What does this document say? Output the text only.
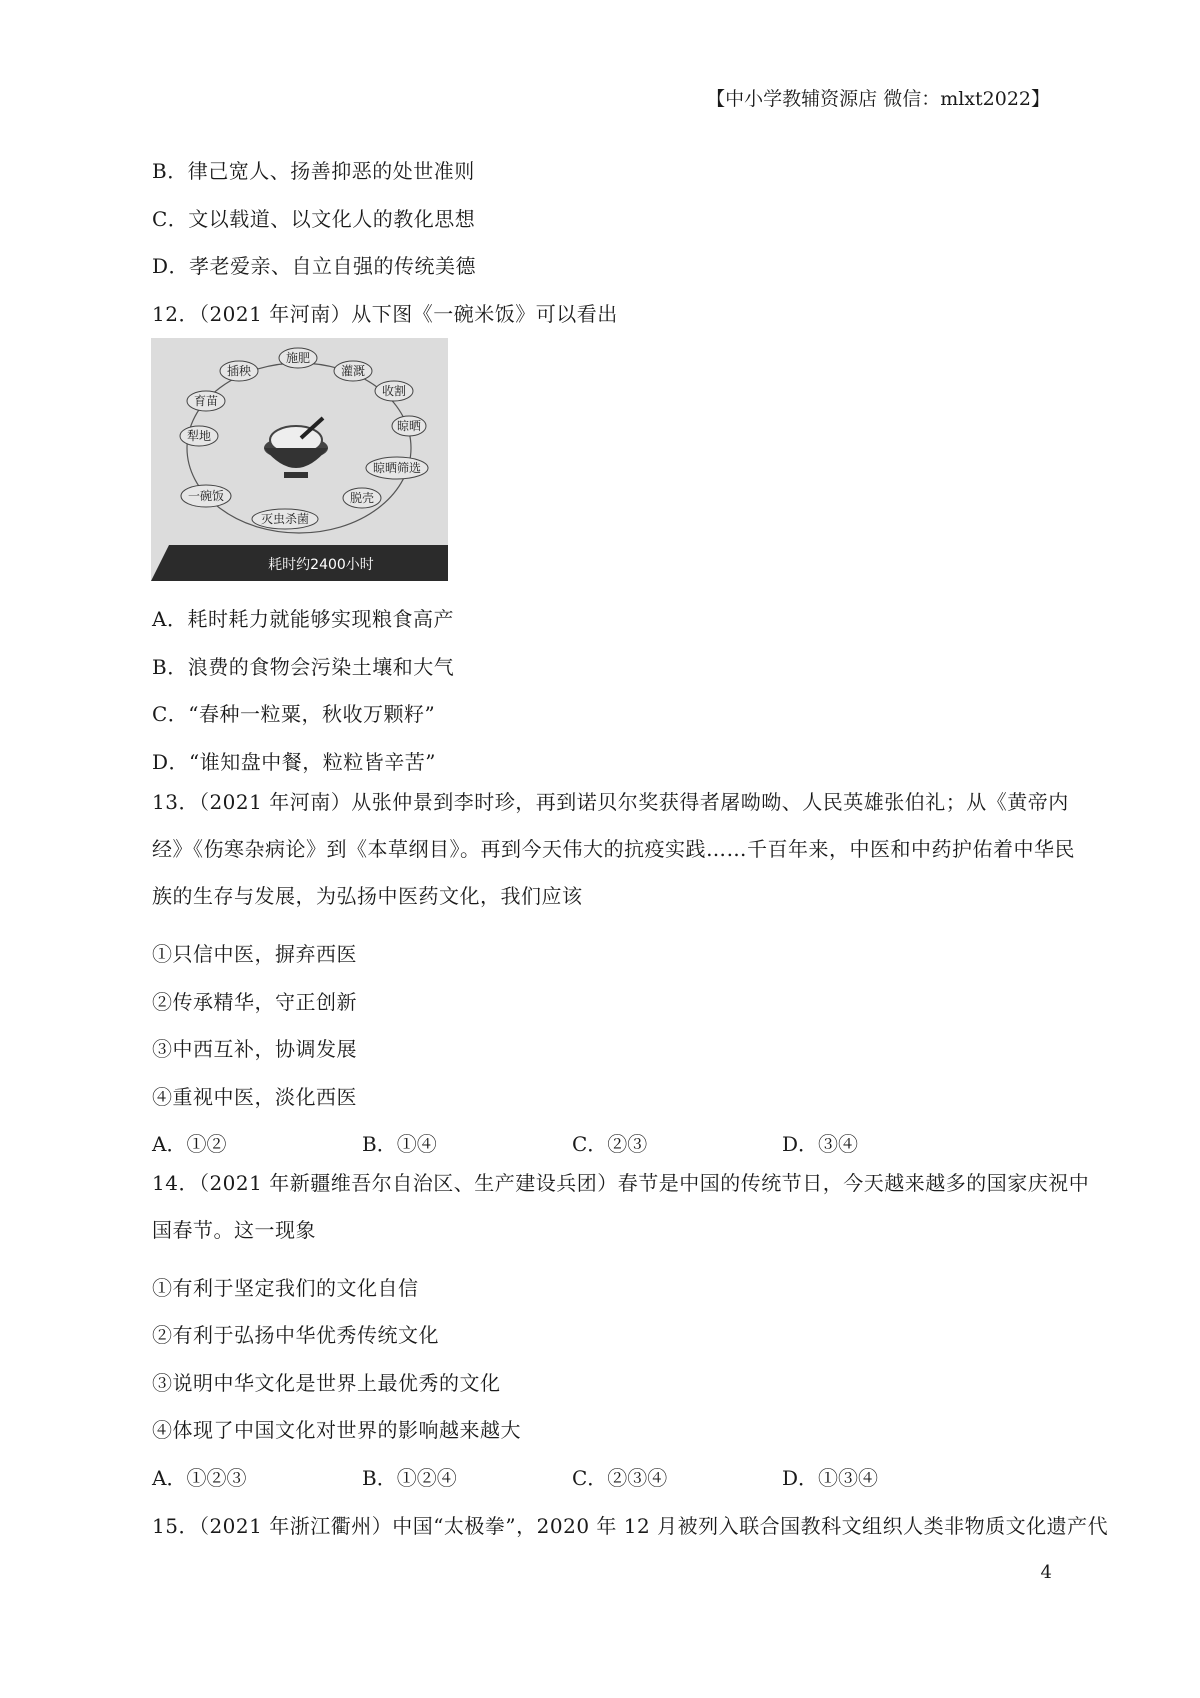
【中小学教辅资源店 微信：mlxt2022】
B．律己宽人、扬善抑恶的处世准则
C．文以载道、以文化人的教化思想
D．孝老爱亲、自立自强的传统美德
12．（2021 年河南）从下图《一碗米饭》可以看出
施肥
灌溉
插秧
收割
育苗
晾晒
犁地
晾晒筛选
一碗饭	脱壳
灭虫杀菌
耗时约2400小时
A．耗时耗力就能够实现粮食高产
B．浪费的食物会污染土壤和大气
C．“春种一粒粟，秋收万颗籽”
D．“谁知盘中餐，粒粒皆辛苦”
13．（2021 年河南）从张仲景到李时珍，再到诺贝尔奖获得者屠呦呦、人民英雄张伯礼；从《黄帝内经》《伤寒杂病论》到《本草纲目》。再到今天伟大的抗疫实践……千百年来，中医和中药护佑着中华民族的生存与发展，为弘扬中医药文化，我们应该
①只信中医，摒弃西医
②传承精华，守正创新
③中西互补，协调发展
④重视中医，淡化西医
A．①②	B．①④	C．②③	D．③④
14．（2021 年新疆维吾尔自治区、生产建设兵团）春节是中国的传统节日，今天越来越多的国家庆祝中国春节。这一现象
①有利于坚定我们的文化自信
②有利于弘扬中华优秀传统文化
③说明中华文化是世界上最优秀的文化
④体现了中国文化对世界的影响越来越大
A．①②③	B．①②④	C．②③④	D．①③④
15．（2021 年浙江衢州）中国“太极拳”，2020 年 12 月被列入联合国教科文组织人类非物质文化遗产代
4
